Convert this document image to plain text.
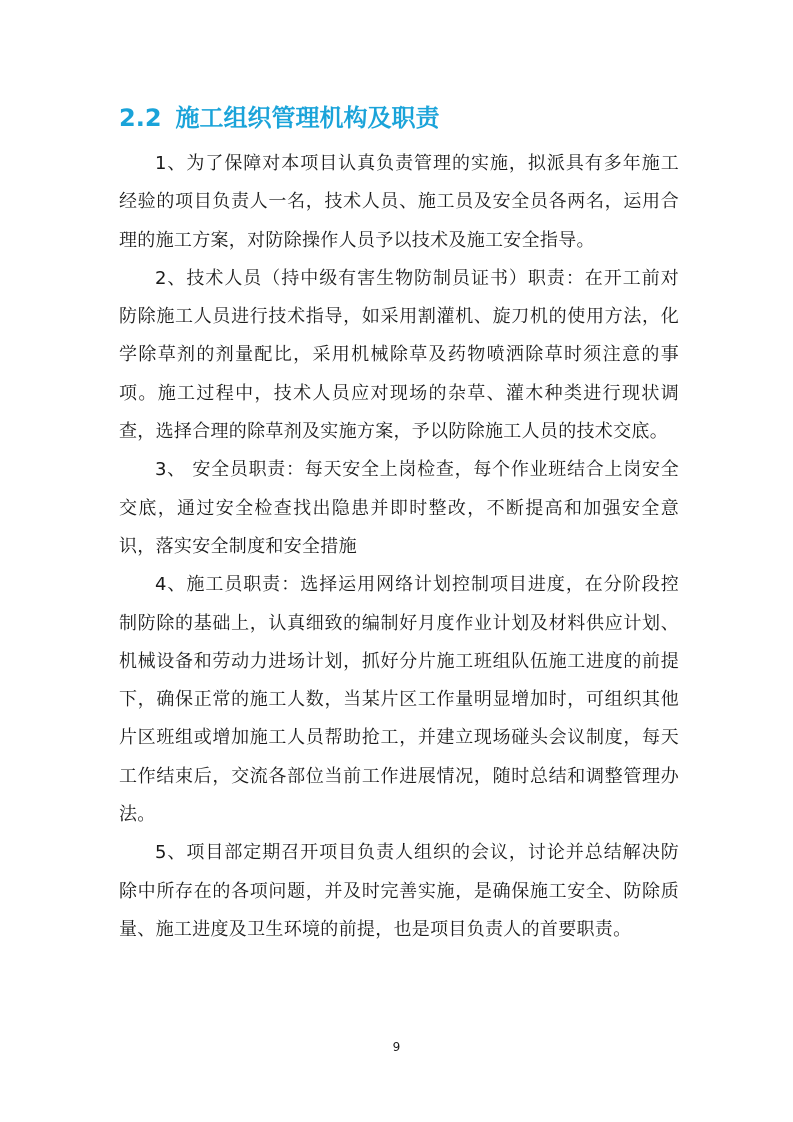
2.2 施工组织管理机构及职责

1、为了保障对本项目认真负责管理的实施，拟派具有多年施工经验的项目负责人一名，技术人员、施工员及安全员各两名，运用合理的施工方案，对防除操作人员予以技术及施工安全指导。

2、技术人员（持中级有害生物防制员证书）职责：在开工前对防除施工人员进行技术指导，如采用割灌机、旋刀机的使用方法，化学除草剂的剂量配比，采用机械除草及药物喷洒除草时须注意的事项。施工过程中，技术人员应对现场的杂草、灌木种类进行现状调查，选择合理的除草剂及实施方案，予以防除施工人员的技术交底。

3、 安全员职责：每天安全上岗检查，每个作业班结合上岗安全交底，通过安全检查找出隐患并即时整改，不断提高和加强安全意识，落实安全制度和安全措施

4、施工员职责：选择运用网络计划控制项目进度，在分阶段控制防除的基础上，认真细致的编制好月度作业计划及材料供应计划、机械设备和劳动力进场计划，抓好分片施工班组队伍施工进度的前提下，确保正常的施工人数，当某片区工作量明显增加时，可组织其他片区班组或增加施工人员帮助抢工，并建立现场碰头会议制度，每天工作结束后，交流各部位当前工作进展情况，随时总结和调整管理办法。

5、项目部定期召开项目负责人组织的会议，讨论并总结解决防除中所存在的各项问题，并及时完善实施，是确保施工安全、防除质量、施工进度及卫生环境的前提，也是项目负责人的首要职责。

9
